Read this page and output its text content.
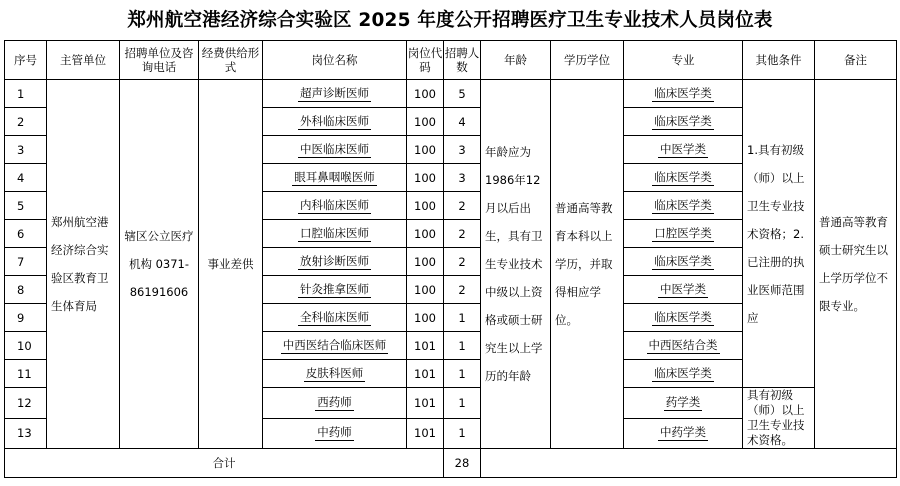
郑州航空港经济综合实验区 2025 年度公开招聘医疗卫生专业技术人员岗位表
序号	主管单位	招聘单位及咨询电话	经费供给形式	岗位名称	岗位代码	招聘人数	年龄	学历学位	专业	其他条件	备注
1	郑州航空港经济综合实验区教育卫生体育局	辖区公立医疗机构 0371-86191606	事业差供	超声诊断医师	100	5	年龄应为1986年12月以后出生，具有卫生专业技术中级以上资格或硕士研究生以上学历的年龄	普通高等教育本科以上学历，并取得相应学位。	临床医学类	1.具有初级（师）以上卫生专业技术资格；2.已注册的执业医师范围应	普通高等教育硕士研究生以上学历学位不限专业。
2				外科临床医师	100	4			临床医学类		
3				中医临床医师	100	3			中医学类		
4				眼耳鼻咽喉医师	100	3			临床医学类		
5				内科临床医师	100	2			临床医学类		
6				口腔临床医师	100	2			口腔医学类		
7				放射诊断医师	100	2			临床医学类		
8				针灸推拿医师	100	2			中医学类		
9				全科临床医师	100	1			临床医学类		
10				中西医结合临床医师	101	1			中西医结合类		
11				皮肤科医师	101	1			临床医学类		
12				西药师	101	1			药学类	具有初级（师）以上卫生专业技术资格。	
13				中药师	101	1			中药学类		
合计						28					
